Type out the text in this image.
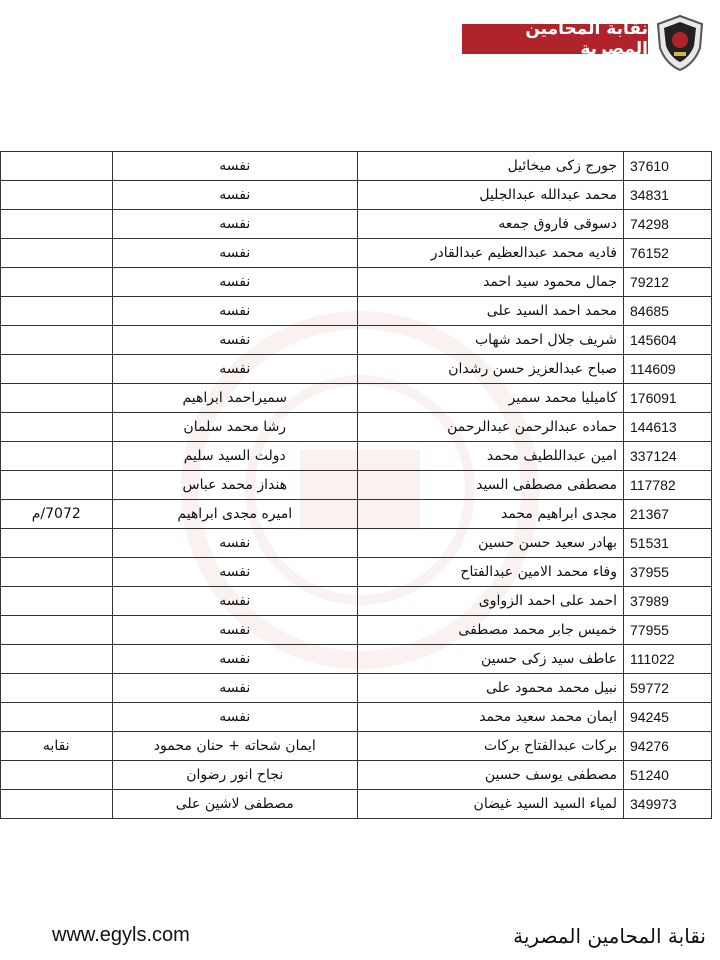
نقابة المحامين المصرية
	نفسه	جورج زكى ميخائيل	37610
	نفسه	محمد عبدالله عبدالجليل	34831
	نفسه	دسوقى فاروق جمعه	74298
	نفسه	فاديه محمد عبدالعظيم عبدالقادر	76152
	نفسه	جمال محمود سيد احمد	79212
	نفسه	محمد احمد السيد على	84685
	نفسه	شريف جلال احمد شهاب	145604
	نفسه	صباح عبدالعزيز حسن رشدان	114609
	سميراحمد ابراهيم	كاميليا محمد سمير	176091
	رشا محمد سلمان	حماده عبدالرحمن عبدالرحمن	144613
	دولت السيد سليم	امين عبداللطيف محمد	337124
	هنداز محمد عباس	مصطفى مصطفى السيد	117782
7072/م	اميره مجدى ابراهيم	مجدى ابراهيم محمد	21367
	نفسه	بهادر سعيد حسن حسين	51531
	نفسه	وفاء محمد الامين عبدالفتاح	37955
	نفسه	احمد على احمد الزواوى	37989
	نفسه	خميس جابر محمد مصطفى	77955
	نفسه	عاطف سيد زكى حسين	111022
	نفسه	نبيل محمد محمود على	59772
	نفسه	ايمان محمد سعيد محمد	94245
نقابه	ايمان شحاته + حنان محمود	بركات عبدالفتاح بركات	94276
	نجاح انور رضوان	مصطفى يوسف حسين	51240
	مصطفى لاشين على	لمياء السيد السيد غيضان	349973
www.egyls.com	نقابة المحامين المصرية
